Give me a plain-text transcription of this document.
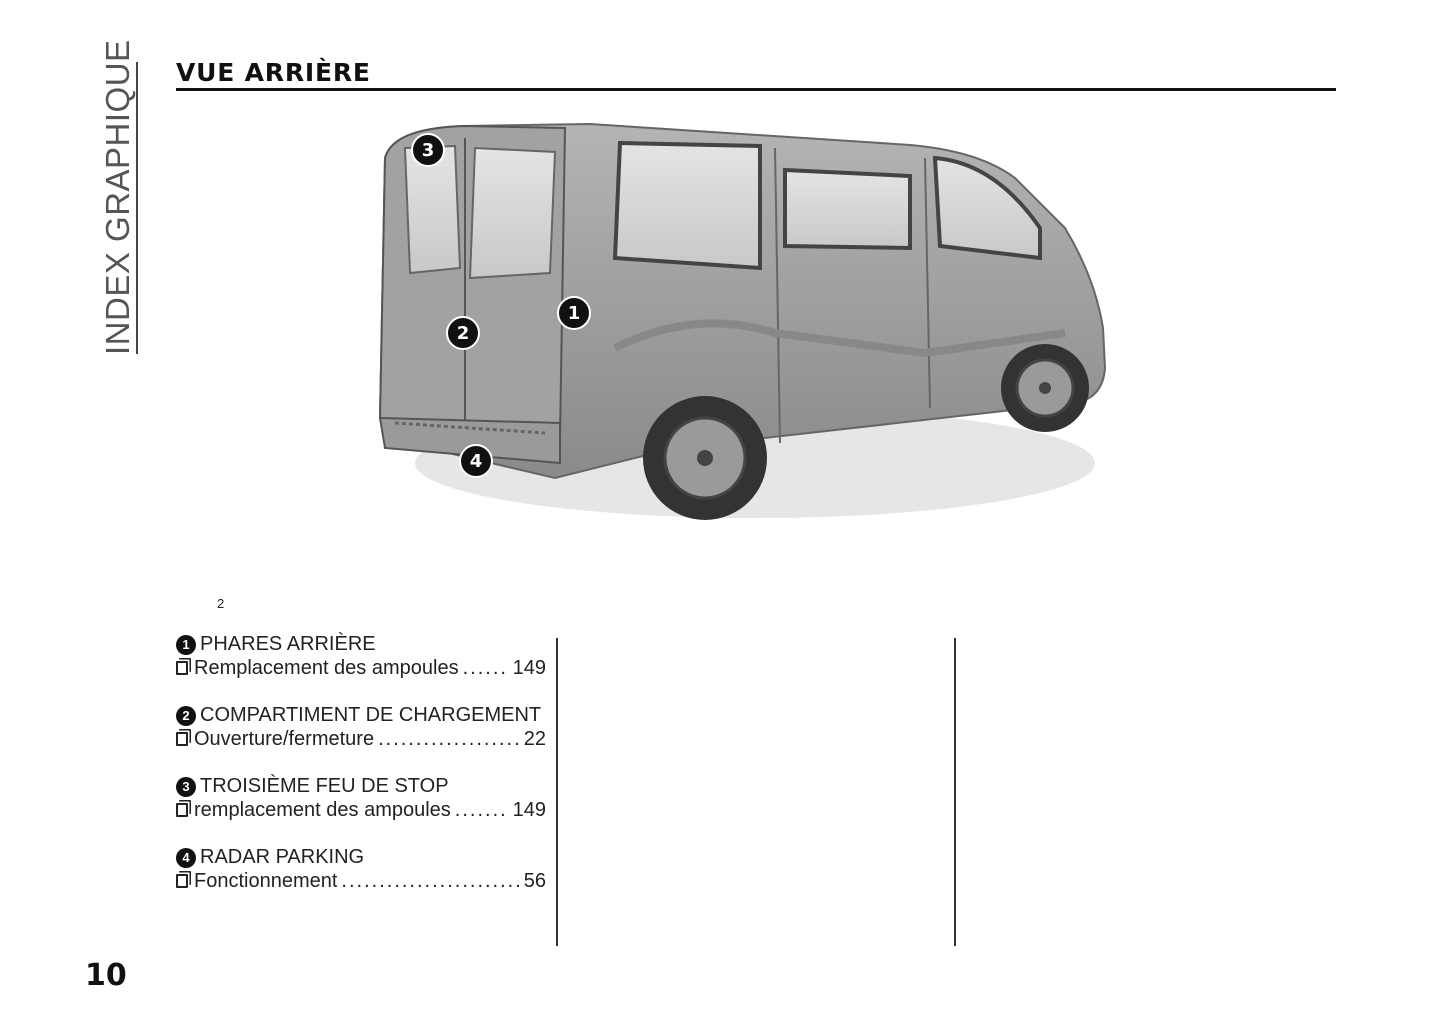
INDEX GRAPHIQUE VUE ARRIÈRE
3
1
2
4
2
1 PHARES ARRIÈRE
Remplacement des ampoules .....	149
2 COMPARTIMENT DE CHARGEMENT
Ouverture/fermeture .....	22
3 TROISIÈME FEU DE STOP
remplacement des ampoules .....	149
4 RADAR PARKING
Fonctionnement .....	56
10
